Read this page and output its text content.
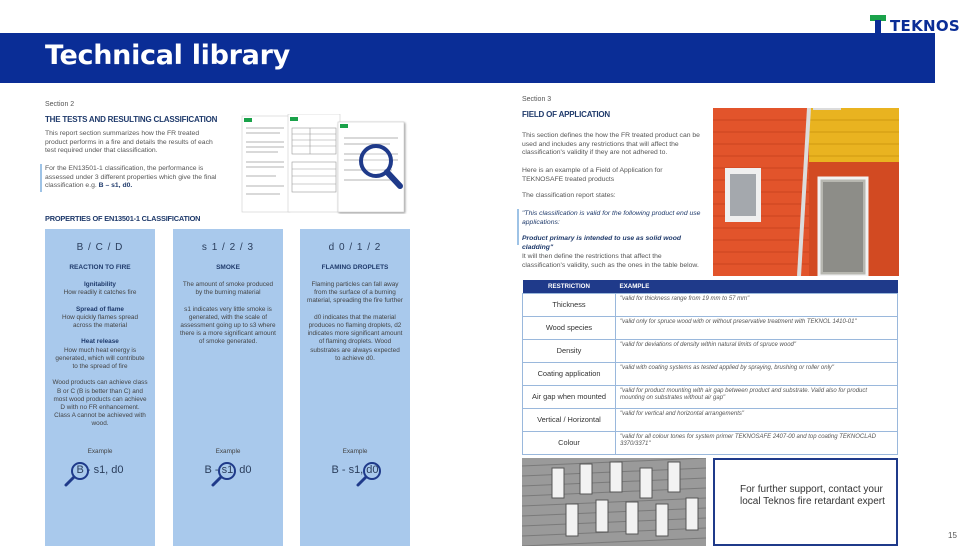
Technical library
TEKNOS
Section 2
THE TESTS AND RESULTING CLASSIFICATION
This report section summarizes how the FR treated product performs in a fire and details the results of each test required under that classification.
For the EN13501-1 classification, the performance is assessed under 3 different properties which give the final classification e.g. B – s1, d0.
PROPERTIES OF EN13501-1 CLASSIFICATION
B / C / D
REACTION TO FIRE
Ignitability
How readily it catches fire

Spread of flame
How quickly flames spread across the material

Heat release
How much heat energy is generated, which will contribute to the spread of fire

Wood products can achieve class B or C (B is better than C) and most wood products can achieve D with no FR enhancement. Class A cannot be achieved with wood.
Example
B - s1, d0
s 1 / 2 / 3
SMOKE
The amount of smoke produced by the burning material

s1 indicates very little smoke is generated, with the scale of assessment going up to s3 where there is a more significant amount of smoke generated.
Example
B - s1, d0
d 0 / 1 / 2
FLAMING DROPLETS
Flaming particles can fall away from the surface of a burning material, spreading the fire further

d0 indicates that the material produces no flaming droplets, d2 indicates more significant amount of flaming droplets. Wood substrates are always expected to achieve d0.
Example
B - s1, d0
Section 3
FIELD OF APPLICATION
This section defines the how the FR treated product can be used and includes any restrictions that will affect the classification's validity if they are not adhered to.
Here is an example of a Field of Application for TEKNOSAFE treated products
The classification report states:
"This classification is valid for the following product end use applications:
Product primary is intended to use as solid wood cladding"
It will then define the restrictions that affect the classification's validity, such as the ones in the table below.
RESTRICTION	EXAMPLE
Thickness	"valid for thickness range from 19 mm to 57 mm"
Wood species	"valid only for spruce wood with or without preservative treatment with TEKNOL 1410-01"
Density	"valid for deviations of density within natural limits of spruce wood"
Coating application	"valid with coating systems as tested applied by spraying, brushing or roller only"
Air gap when mounted	"valid for product mounting with air gap between product and substrate. Valid also for product mounting on substrates without air gap"
Vertical / Horizontal	"valid for vertical and horizontal arrangements"
Colour	"valid for all colour tones for system primer TEKNOSAFE 2407-00 and top coating TEKNOCLAD 3370/3371"
For further support, contact your local Teknos fire retardant expert
15
